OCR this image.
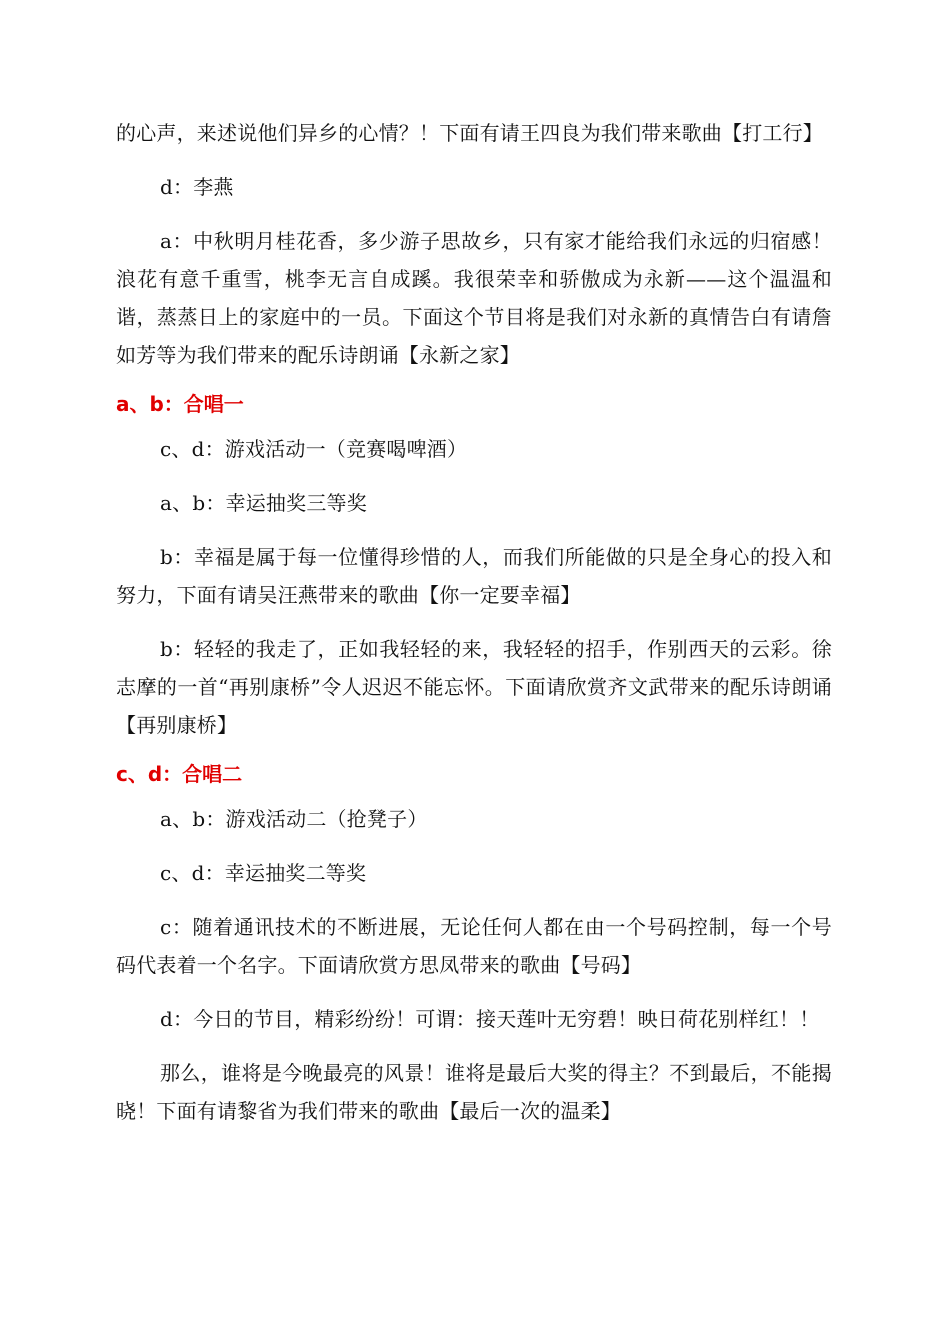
的心声，来述说他们异乡的心情？！下面有请王四良为我们带来歌曲【打工行】

d：李燕

a：中秋明月桂花香，多少游子思故乡，只有家才能给我们永远的归宿感！浪花有意千重雪，桃李无言自成蹊。我很荣幸和骄傲成为永新——这个温温和谐，蒸蒸日上的家庭中的一员。下面这个节目将是我们对永新的真情告白有请詹如芳等为我们带来的配乐诗朗诵【永新之家】

a、b：合唱一

c、d：游戏活动一（竞赛喝啤酒）

a、b：幸运抽奖三等奖

b：幸福是属于每一位懂得珍惜的人，而我们所能做的只是全身心的投入和努力，下面有请吴汪燕带来的歌曲【你一定要幸福】

b：轻轻的我走了，正如我轻轻的来，我轻轻的招手，作别西天的云彩。徐志摩的一首“再别康桥”令人迟迟不能忘怀。下面请欣赏齐文武带来的配乐诗朗诵【再别康桥】

c、d：合唱二

a、b：游戏活动二（抢凳子）

c、d：幸运抽奖二等奖

c：随着通讯技术的不断进展，无论任何人都在由一个号码控制，每一个号码代表着一个名字。下面请欣赏方思凤带来的歌曲【号码】

d：今日的节目，精彩纷纷！可谓：接天莲叶无穷碧！映日荷花别样红！！

那么，谁将是今晚最亮的风景！谁将是最后大奖的得主？不到最后，不能揭晓！下面有请黎省为我们带来的歌曲【最后一次的温柔】
